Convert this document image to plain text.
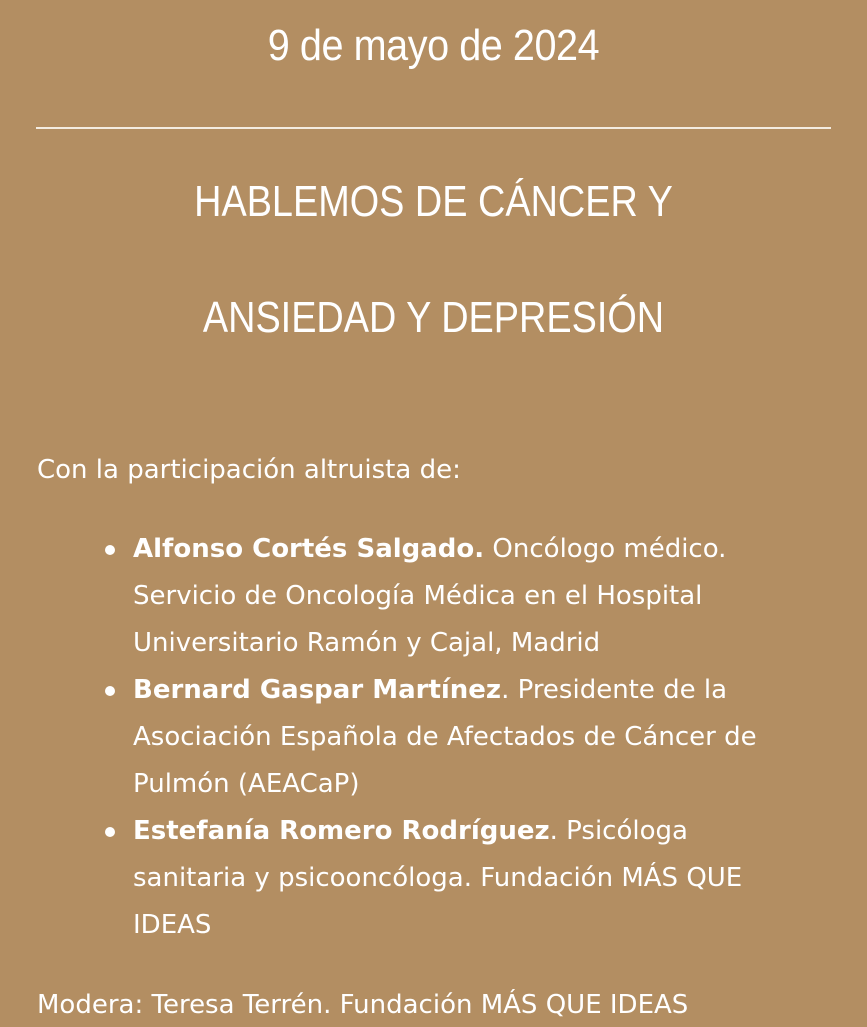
9 de mayo de 2024
HABLEMOS DE CÁNCER Y
ANSIEDAD Y DEPRESIÓN
Con la participación altruista de:
Alfonso Cortés Salgado. Oncólogo médico.
Servicio de Oncología Médica en el Hospital
Universitario Ramón y Cajal, Madrid
Bernard Gaspar Martínez. Presidente de la
Asociación Española de Afectados de Cáncer de
Pulmón (AEACaP)
Estefanía Romero Rodríguez. Psicóloga
sanitaria y psicooncóloga. Fundación MÁS QUE
IDEAS
Modera: Teresa Terrén. Fundación MÁS QUE IDEAS
